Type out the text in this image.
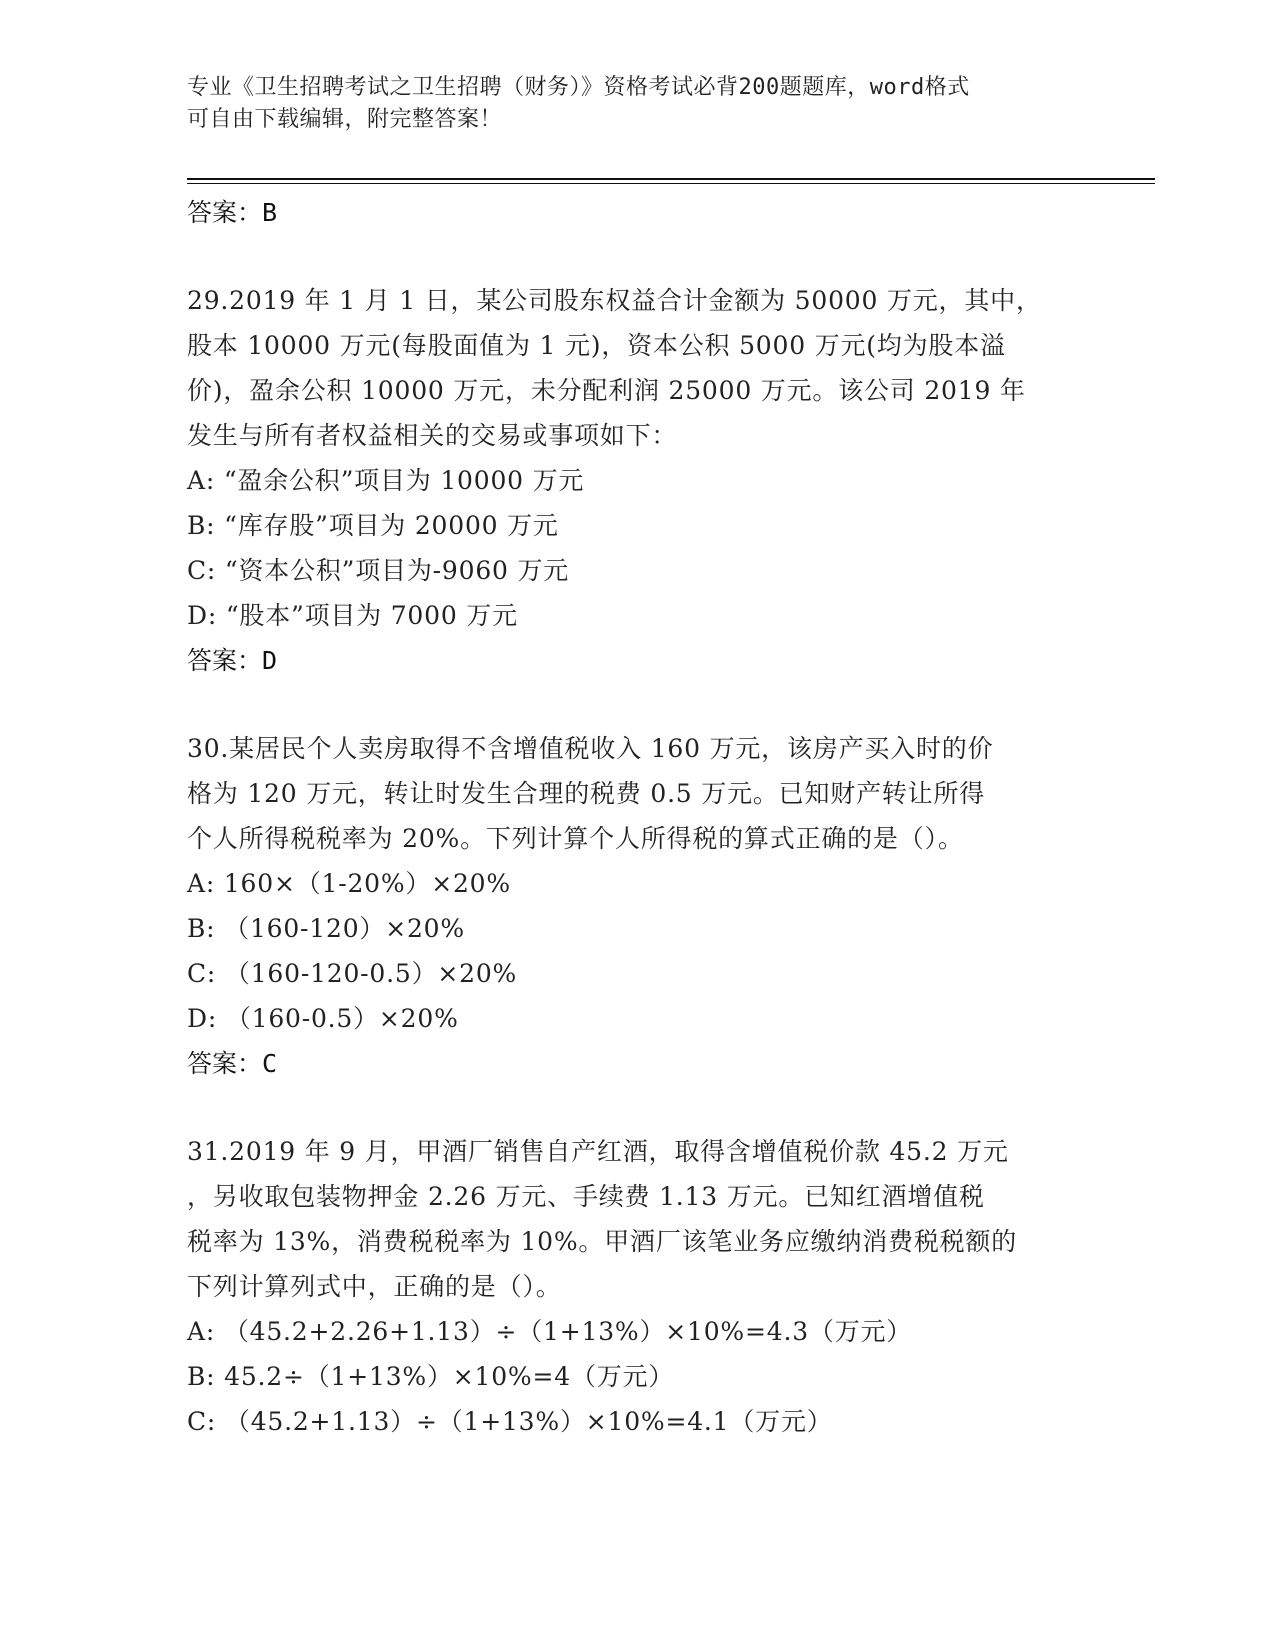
专业《卫生招聘考试之卫生招聘（财务）》资格考试必背200题题库，word格式
可自由下载编辑，附完整答案！
答案：B
29.2019 年 1 月 1 日，某公司股东权益合计金额为 50000 万元，其中，
股本 10000 万元(每股面值为 1 元)，资本公积 5000 万元(均为股本溢
价)，盈余公积 10000 万元，未分配利润 25000 万元。该公司 2019 年
发生与所有者权益相关的交易或事项如下：
A: “盈余公积”项目为 10000 万元
B: “库存股”项目为 20000 万元
C: “资本公积”项目为-9060 万元
D: “股本”项目为 7000 万元
答案：D
30.某居民个人卖房取得不含增值税收入 160 万元，该房产买入时的价
格为 120 万元，转让时发生合理的税费 0.5 万元。已知财产转让所得
个人所得税税率为 20%。下列计算个人所得税的算式正确的是（）。
A: 160×（1-20%）×20%
B: （160-120）×20%
C: （160-120-0.5）×20%
D: （160-0.5）×20%
答案：C
31.2019 年 9 月，甲酒厂销售自产红酒，取得含增值税价款 45.2 万元
，另收取包装物押金 2.26 万元、手续费 1.13 万元。已知红酒增值税
税率为 13%，消费税税率为 10%。甲酒厂该笔业务应缴纳消费税税额的
下列计算列式中，正确的是（）。
A: （45.2+2.26+1.13）÷（1+13%）×10%=4.3（万元）
B: 45.2÷（1+13%）×10%=4（万元）
C: （45.2+1.13）÷（1+13%）×10%=4.1（万元）
